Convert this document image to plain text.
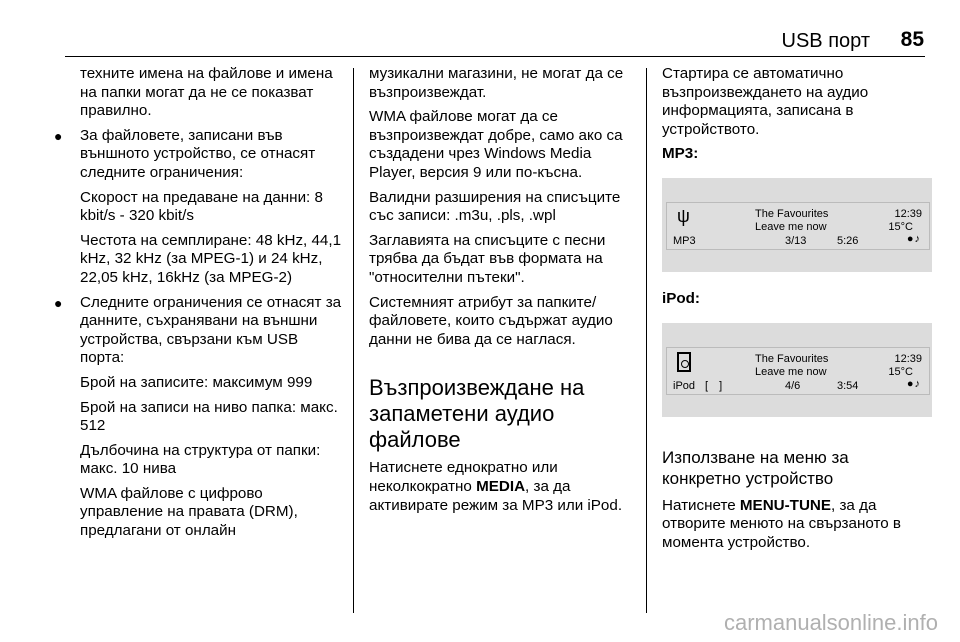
USB порт 85

техните имена на файлове и имена на папки могат да не се показват правилно.

● За файловете, записани във външното устройство, се отнасят следните ограничения:

Скорост на предаване на данни: 8 kbit/s - 320 kbit/s

Честота на семплиране: 48 kHz, 44,1 kHz, 32 kHz (за MPEG-1) и 24 kHz, 22,05 kHz, 16kHz (за MPEG-2)

● Следните ограничения се отнасят за данните, съхранявани на външни устройства, свързани към USB порта:

Брой на записите: максимум 999

Брой на записи на ниво папка: макс. 512

Дълбочина на структура от папки: макс. 10 нива

WMA файлове с цифрово управление на правата (DRM), предлагани от онлайн

музикални магазини, не могат да се възпроизвеждат.

WMA файлове могат да се възпроизвеждат добре, само ако са създадени чрез Windows Media Player, версия 9 или по-късна.

Валидни разширения на списъците със записи: .m3u, .pls, .wpl

Заглавията на списъците с песни трябва да бъдат във формата на "относителни пътеки".

Системният атрибут за папките/файловете, които съдържат аудио данни не бива да се наглася.

Възпроизвеждане на запаметени аудио файлове

Натиснете еднократно или неколкократно MEDIA, за да активирате режим за MP3 или iPod.

Стартира се автоматично възпроизвеждането на аудио информацията, записана в устройството.

MP3:

ψ	The Favourites
Leave me now
12:39
15°C
MP3	3/13	5:26	●♪

iPod:

The Favourites
Leave me now
12:39
15°C
iPod [ ]	4/6	3:54	●♪
Използване на меню за конкретно устройство

Натиснете MENU-TUNE, за да отворите менюто на свързаното в момента устройство.

carmanualsonline.info
